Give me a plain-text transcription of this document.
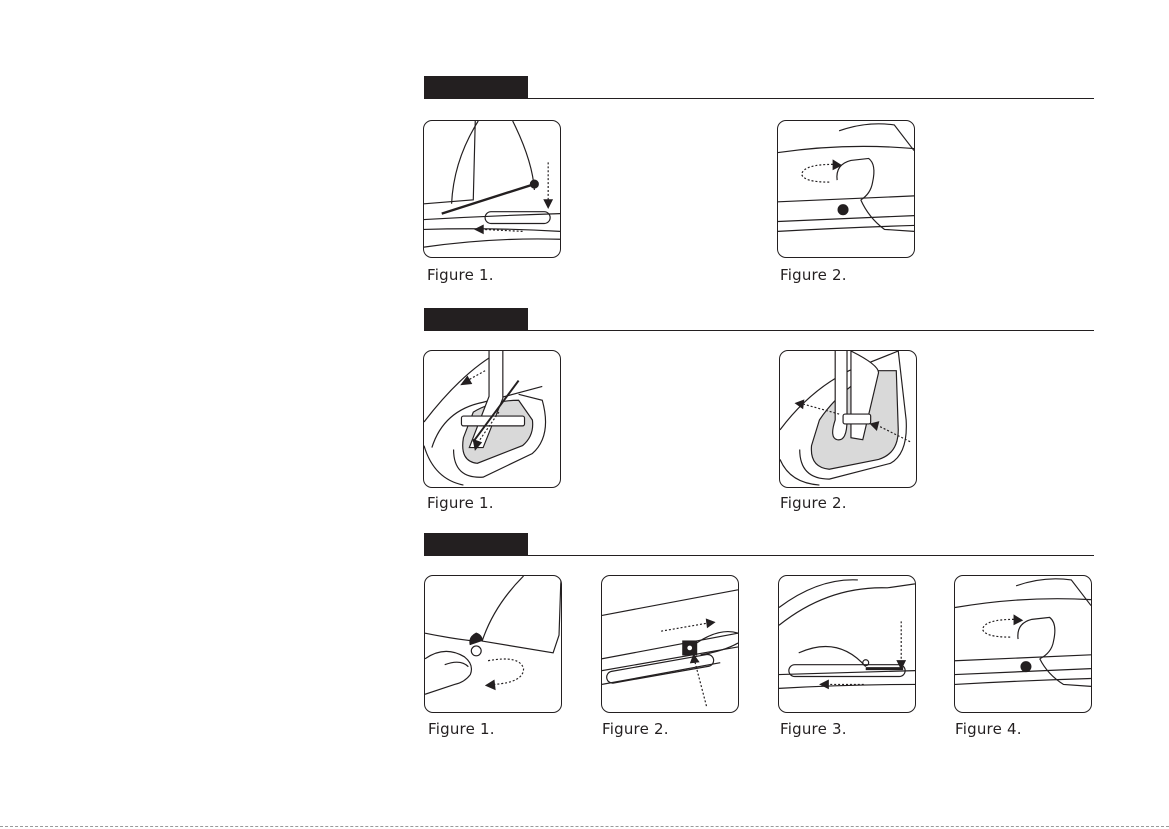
Figure 1.	Figure 2.
Figure 1.	Figure 2.
Figure 1.	Figure 2.	Figure 3.	Figure 4.
